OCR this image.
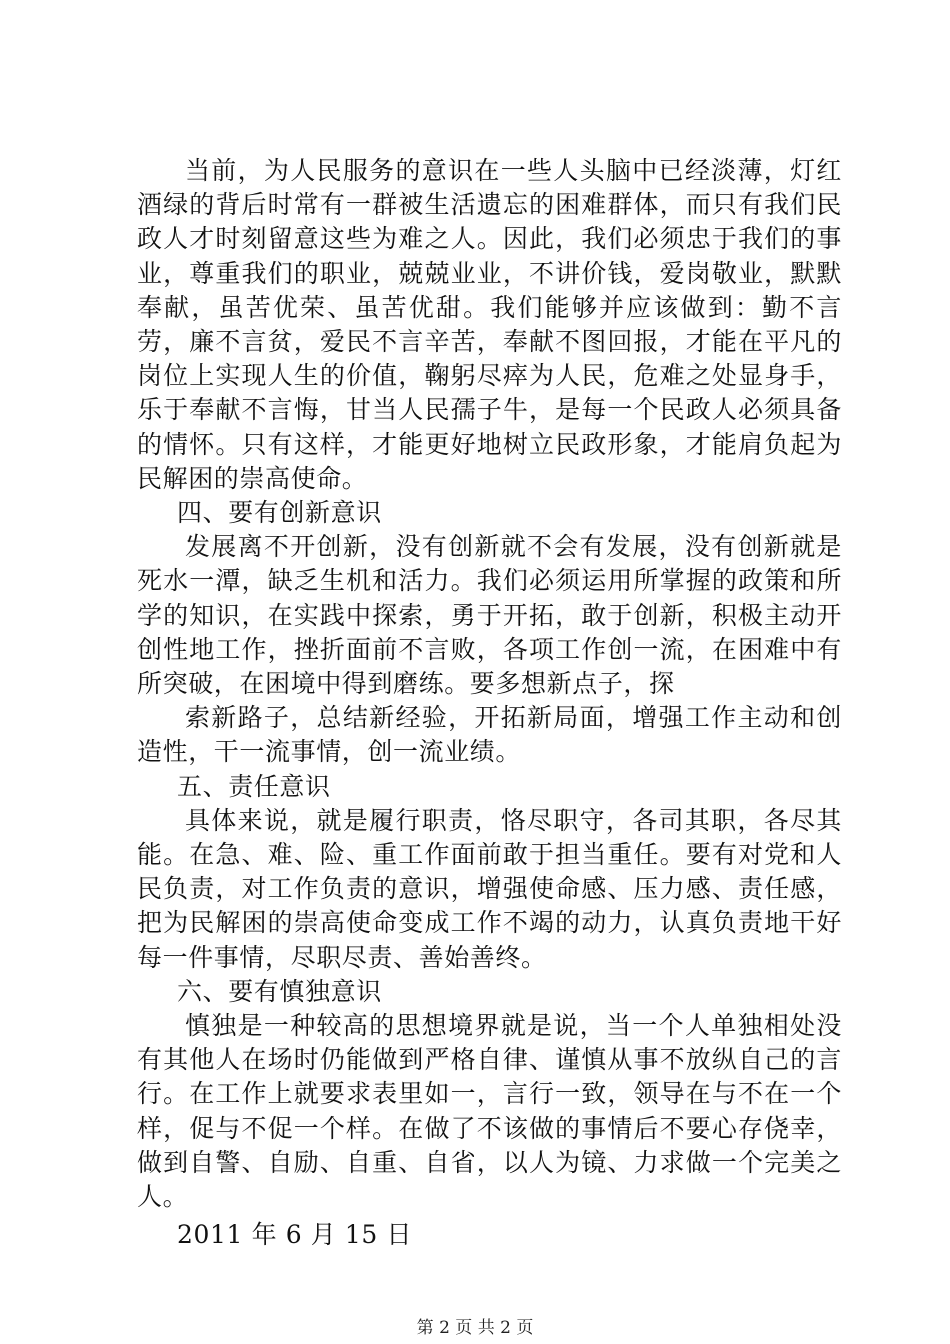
当前，为人民服务的意识在一些人头脑中已经淡薄，灯红酒绿的背后时常有一群被生活遗忘的困难群体，而只有我们民政人才时刻留意这些为难之人。因此，我们必须忠于我们的事业，尊重我们的职业，兢兢业业，不讲价钱，爱岗敬业，默默奉献，虽苦优荣、虽苦优甜。我们能够并应该做到：勤不言劳，廉不言贫，爱民不言辛苦，奉献不图回报，才能在平凡的岗位上实现人生的价值，鞠躬尽瘁为人民，危难之处显身手，乐于奉献不言悔，甘当人民孺子牛，是每一个民政人必须具备的情怀。只有这样，才能更好地树立民政形象，才能肩负起为民解困的崇高使命。

四、要有创新意识

发展离不开创新，没有创新就不会有发展，没有创新就是死水一潭，缺乏生机和活力。我们必须运用所掌握的政策和所学的知识，在实践中探索，勇于开拓，敢于创新，积极主动开创性地工作，挫折面前不言败，各项工作创一流，在困难中有所突破，在困境中得到磨练。要多想新点子，探

索新路子，总结新经验，开拓新局面，增强工作主动和创造性，干一流事情，创一流业绩。

五、责任意识

具体来说，就是履行职责，恪尽职守，各司其职，各尽其能。在急、难、险、重工作面前敢于担当重任。要有对党和人民负责，对工作负责的意识，增强使命感、压力感、责任感，把为民解困的崇高使命变成工作不竭的动力，认真负责地干好每一件事情，尽职尽责、善始善终。

六、要有慎独意识

慎独是一种较高的思想境界就是说，当一个人单独相处没有其他人在场时仍能做到严格自律、谨慎从事不放纵自己的言行。在工作上就要求表里如一，言行一致，领导在与不在一个样，促与不促一个样。在做了不该做的事情后不要心存侥幸，做到自警、自励、自重、自省，以人为镜、力求做一个完美之人。

2011 年 6 月 15 日

第 2 页 共 2 页
